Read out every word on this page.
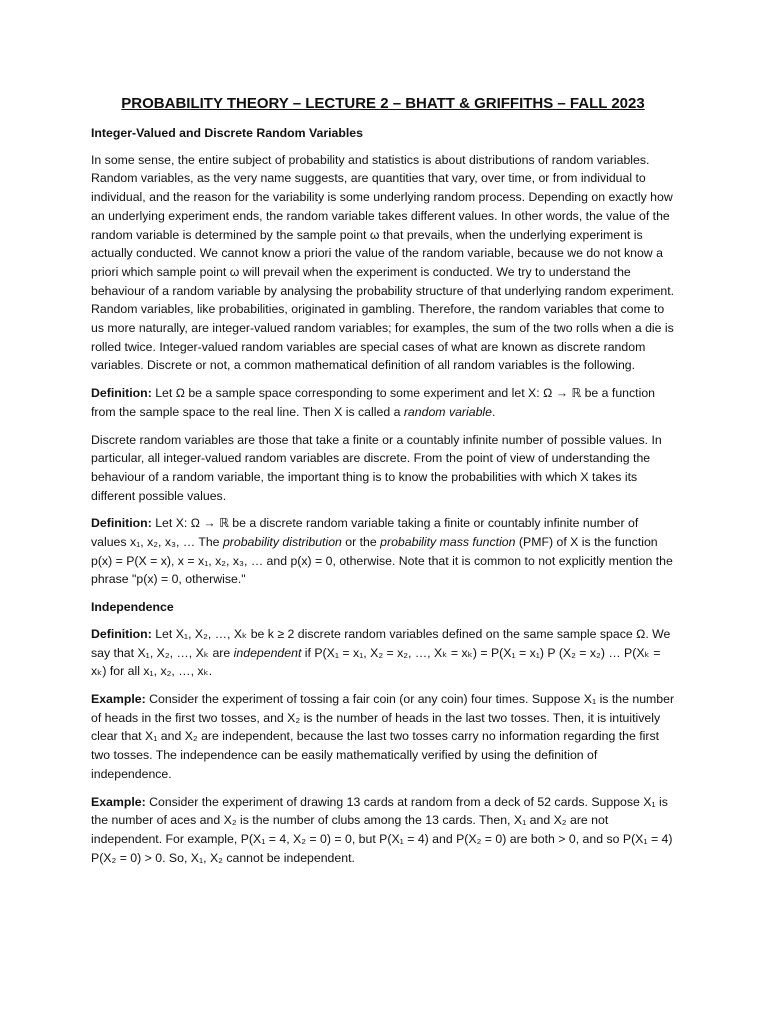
PROBABILITY THEORY – LECTURE 2 – BHATT & GRIFFITHS – FALL 2023
Integer-Valued and Discrete Random Variables

In some sense, the entire subject of probability and statistics is about distributions of random variables. Random variables, as the very name suggests, are quantities that vary, over time, or from individual to individual, and the reason for the variability is some underlying random process. Depending on exactly how an underlying experiment ends, the random variable takes different values. In other words, the value of the random variable is determined by the sample point ω that prevails, when the underlying experiment is actually conducted. We cannot know a priori the value of the random variable, because we do not know a priori which sample point ω will prevail when the experiment is conducted. We try to understand the behaviour of a random variable by analysing the probability structure of that underlying random experiment. Random variables, like probabilities, originated in gambling. Therefore, the random variables that come to us more naturally, are integer-valued random variables; for examples, the sum of the two rolls when a die is rolled twice. Integer-valued random variables are special cases of what are known as discrete random variables. Discrete or not, a common mathematical definition of all random variables is the following.

Definition: Let Ω be a sample space corresponding to some experiment and let X: Ω → ℝ be a function from the sample space to the real line. Then X is called a random variable.

Discrete random variables are those that take a finite or a countably infinite number of possible values. In particular, all integer-valued random variables are discrete. From the point of view of understanding the behaviour of a random variable, the important thing is to know the probabilities with which X takes its different possible values.

Definition: Let X: Ω → ℝ be a discrete random variable taking a finite or countably infinite number of values x₁, x₂, x₃, … The probability distribution or the probability mass function (PMF) of X is the function p(x) = P(X = x), x = x₁, x₂, x₃, … and p(x) = 0, otherwise. Note that it is common to not explicitly mention the phrase "p(x) = 0, otherwise."

Independence

Definition: Let X₁, X₂, …, Xₖ be k ≥ 2 discrete random variables defined on the same sample space Ω. We say that X₁, X₂, …, Xₖ are independent if P(X₁ = x₁, X₂ = x₂, …, Xₖ = xₖ) = P(X₁ = x₁) P (X₂ = x₂) … P(Xₖ = xₖ) for all x₁, x₂, …, xₖ.

Example: Consider the experiment of tossing a fair coin (or any coin) four times. Suppose X₁ is the number of heads in the first two tosses, and X₂ is the number of heads in the last two tosses. Then, it is intuitively clear that X₁ and X₂ are independent, because the last two tosses carry no information regarding the first two tosses. The independence can be easily mathematically verified by using the definition of independence.

Example: Consider the experiment of drawing 13 cards at random from a deck of 52 cards. Suppose X₁ is the number of aces and X₂ is the number of clubs among the 13 cards. Then, X₁ and X₂ are not independent. For example, P(X₁ = 4, X₂ = 0) = 0, but P(X₁ = 4) and P(X₂ = 0) are both > 0, and so P(X₁ = 4) P(X₂ = 0) > 0. So, X₁, X₂ cannot be independent.
